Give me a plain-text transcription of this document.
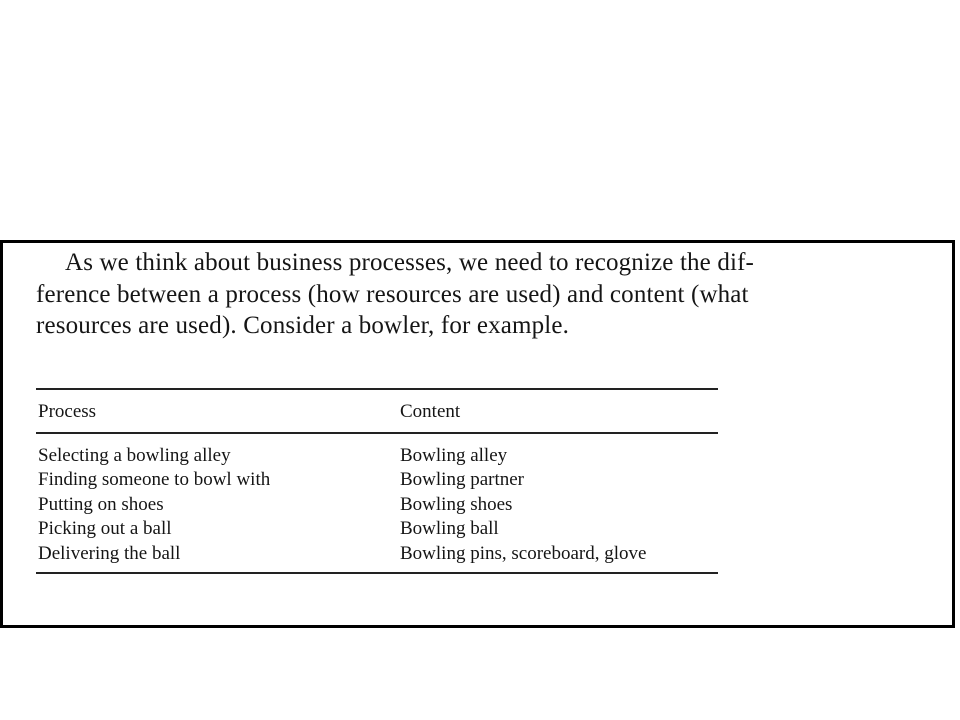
As we think about business processes, we need to recognize the dif-
ference between a process (how resources are used) and content (what
resources are used). Consider a bowler, for example.

Process	Content
Selecting a bowling alley	Bowling alley
Finding someone to bowl with	Bowling partner
Putting on shoes	Bowling shoes
Picking out a ball	Bowling ball
Delivering the ball	Bowling pins, scoreboard, glove
